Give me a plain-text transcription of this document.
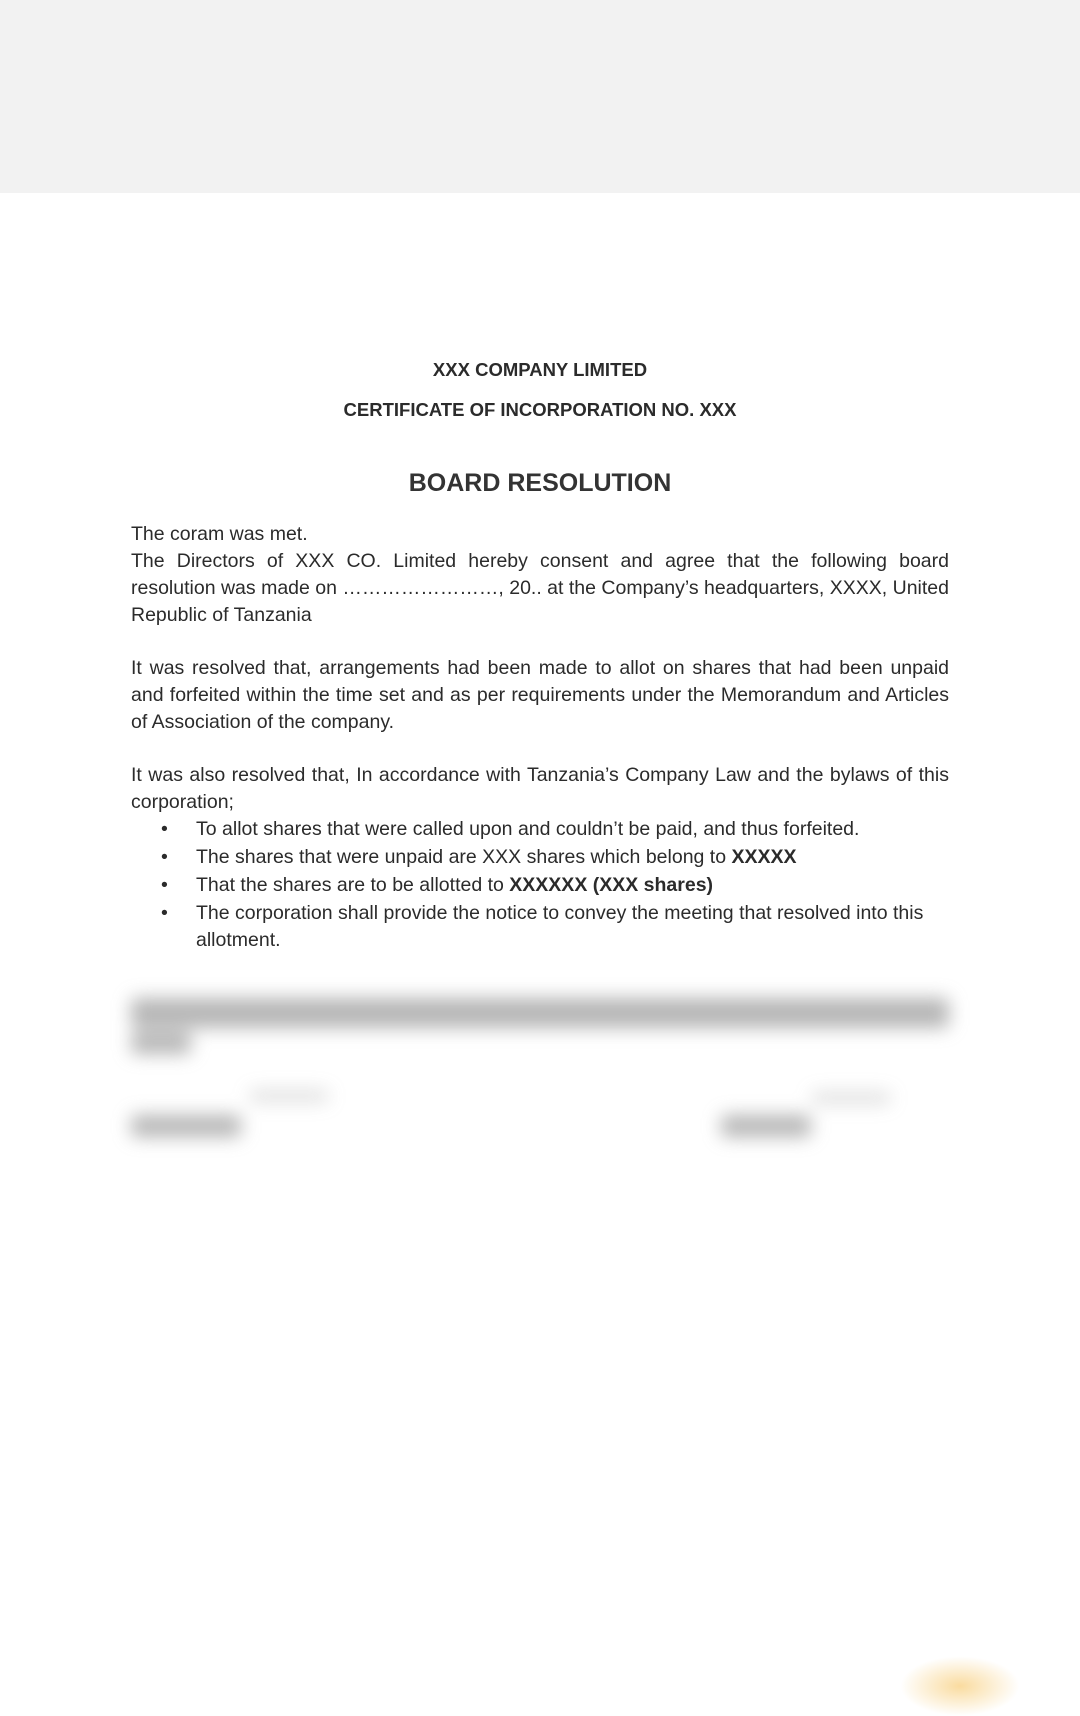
XXX COMPANY LIMITED

CERTIFICATE OF INCORPORATION NO. XXX

BOARD RESOLUTION

The coram was met.

The Directors of XXX CO. Limited hereby consent and agree that the following board resolution was made on ……………………, 20.. at the Company’s headquarters, XXXX, United Republic of Tanzania

It was resolved that, arrangements had been made to allot on shares that had been unpaid and forfeited within the time set and as per requirements under the Memorandum and Articles of Association of the company.

It was also resolved that, In accordance with Tanzania’s Company Law and the bylaws of this corporation;

• To allot shares that were called upon and couldn’t be paid, and thus forfeited.
• The shares that were unpaid are XXX shares which belong to XXXXX
• That the shares are to be allotted to XXXXXX (XXX shares)
• The corporation shall provide the notice to convey the meeting that resolved into this allotment.
